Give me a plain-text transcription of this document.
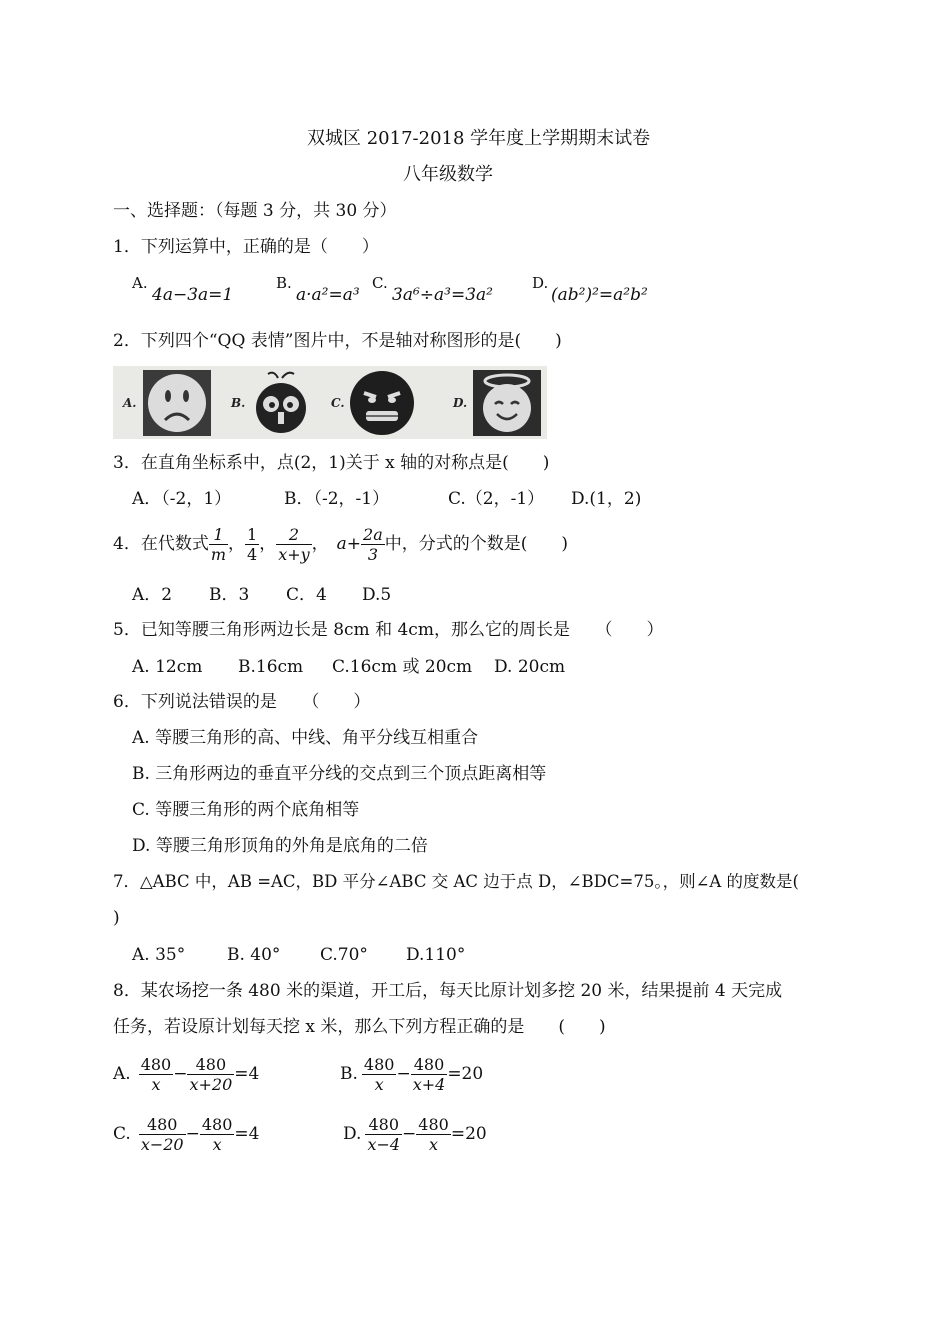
双城区 2017-2018 学年度上学期期末试卷
八年级数学
一、选择题：（每题 3 分，共 30 分）
1．下列运算中，正确的是（　　）
A.
4a−3a=1
B.
a·a²=a³
C.
3a⁶÷a³=3a²
D.
(ab²)²=a²b²
2．下列四个“QQ 表情”图片中，不是轴对称图形的是(　　)
A.	B.	C.	D.
3．在直角坐标系中，点(2，1)关于 x 轴的对称点是(　　)
A．（-2，1）	B．（-2，-1）	C.（2，-1） D.(1，2)
4．在代数式 $\frac{1}{m}$ ， $\frac{1}{4}$ ， $\frac{2}{x+y}$ ， $a+ \frac{2a}{3}$ 中，分式的个数是(　　)
A．2 B．3 C．4 D.5
5．已知等腰三角形两边长是 8cm 和 4cm，那么它的周长是　　（　　）
A. 12cm B.16cm C.16cm 或 20cm D. 20cm
6．下列说法错误的是　　（　　）
A. 等腰三角形的高、中线、角平分线互相重合
B. 三角形两边的垂直平分线的交点到三个顶点距离相等
C. 等腰三角形的两个底角相等
D. 等腰三角形顶角的外角是底角的二倍
7．△ABC 中，AB =AC，BD 平分∠ABC 交 AC 边于点 D，∠BDC=75。，则∠A 的度数是(
)
A. 35° B. 40° C.70° D.110°
8．某农场挖一条 480 米的渠道，开工后，每天比原计划多挖 20 米，结果提前 4 天完成
任务，若设原计划每天挖 x 米，那么下列方程正确的是　　(　　)
A. $\frac{480}{x} - \frac{480}{x+20} =4$	B. $\frac{480}{x} - \frac{480}{x+4} =20$
C. $\frac{480}{x-20} - \frac{480}{x} =4$	D. $\frac{480}{x-4} - \frac{480}{x} =20$
